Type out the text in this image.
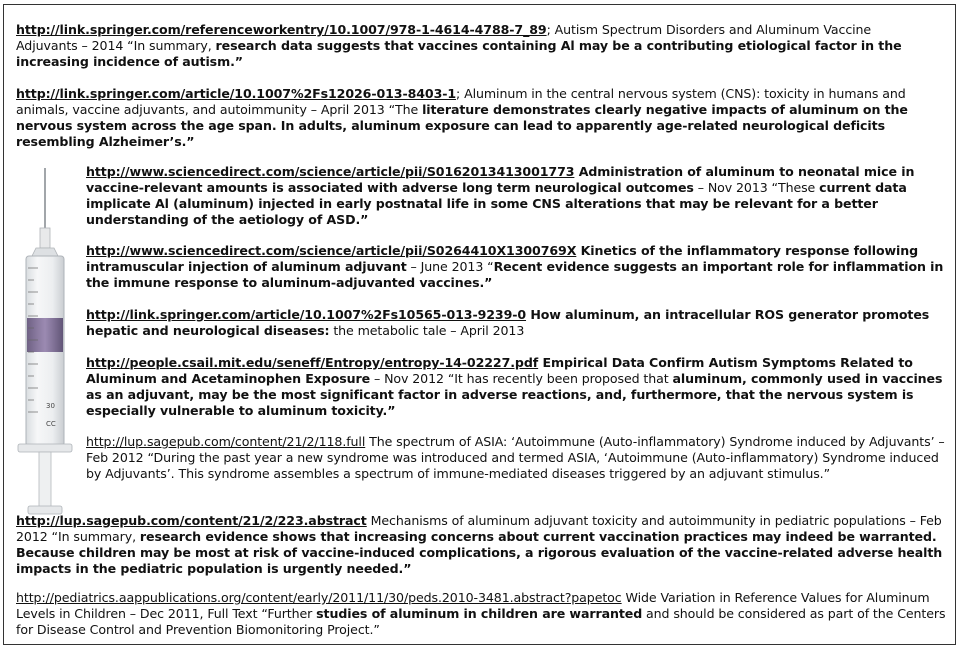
http://link.springer.com/referenceworkentry/10.1007/978-1-4614-4788-7_89; Autism Spectrum Disorders and Aluminum Vaccine Adjuvants – 2014 “In summary, research data suggests that vaccines containing Al may be a contributing etiological factor in the increasing incidence of autism.”
http://link.springer.com/article/10.1007%2Fs12026-013-8403-1; Aluminum in the central nervous system (CNS): toxicity in humans and animals, vaccine adjuvants, and autoimmunity – April 2013 “The literature demonstrates clearly negative impacts of aluminum on the nervous system across the age span. In adults, aluminum exposure can lead to apparently age-related neurological deficits resembling Alzheimer’s.”
30
CC
http://www.sciencedirect.com/science/article/pii/S0162013413001773 Administration of aluminum to neonatal mice in vaccine-relevant amounts is associated with adverse long term neurological outcomes – Nov 2013 “These current data implicate Al (aluminum) injected in early postnatal life in some CNS alterations that may be relevant for a better understanding of the aetiology of ASD.”
http://www.sciencedirect.com/science/article/pii/S0264410X1300769X Kinetics of the inflammatory response following intramuscular injection of aluminum adjuvant – June 2013 “Recent evidence suggests an important role for inflammation in the immune response to aluminum-adjuvanted vaccines.”
http://link.springer.com/article/10.1007%2Fs10565-013-9239-0 How aluminum, an intracellular ROS generator promotes hepatic and neurological diseases: the metabolic tale – April 2013
http://people.csail.mit.edu/seneff/Entropy/entropy-14-02227.pdf Empirical Data Confirm Autism Symptoms Related to Aluminum and Acetaminophen Exposure – Nov 2012 “It has recently been proposed that aluminum, commonly used in vaccines as an adjuvant, may be the most significant factor in adverse reactions, and, furthermore, that the nervous system is especially vulnerable to aluminum toxicity.”
http://lup.sagepub.com/content/21/2/118.full The spectrum of ASIA: ‘Autoimmune (Auto-inflammatory) Syndrome induced by Adjuvants’ – Feb 2012 “During the past year a new syndrome was introduced and termed ASIA, ‘Autoimmune (Auto-inflammatory) Syndrome induced by Adjuvants’. This syndrome assembles a spectrum of immune-mediated diseases triggered by an adjuvant stimulus.”
http://lup.sagepub.com/content/21/2/223.abstract Mechanisms of aluminum adjuvant toxicity and autoimmunity in pediatric populations – Feb 2012 “In summary, research evidence shows that increasing concerns about current vaccination practices may indeed be warranted. Because children may be most at risk of vaccine-induced complications, a rigorous evaluation of the vaccine-related adverse health impacts in the pediatric population is urgently needed.”
http://pediatrics.aappublications.org/content/early/2011/11/30/peds.2010-3481.abstract?papetoc Wide Variation in Reference Values for Aluminum Levels in Children – Dec 2011, Full Text “Further studies of aluminum in children are warranted and should be considered as part of the Centers for Disease Control and Prevention Biomonitoring Project.”
